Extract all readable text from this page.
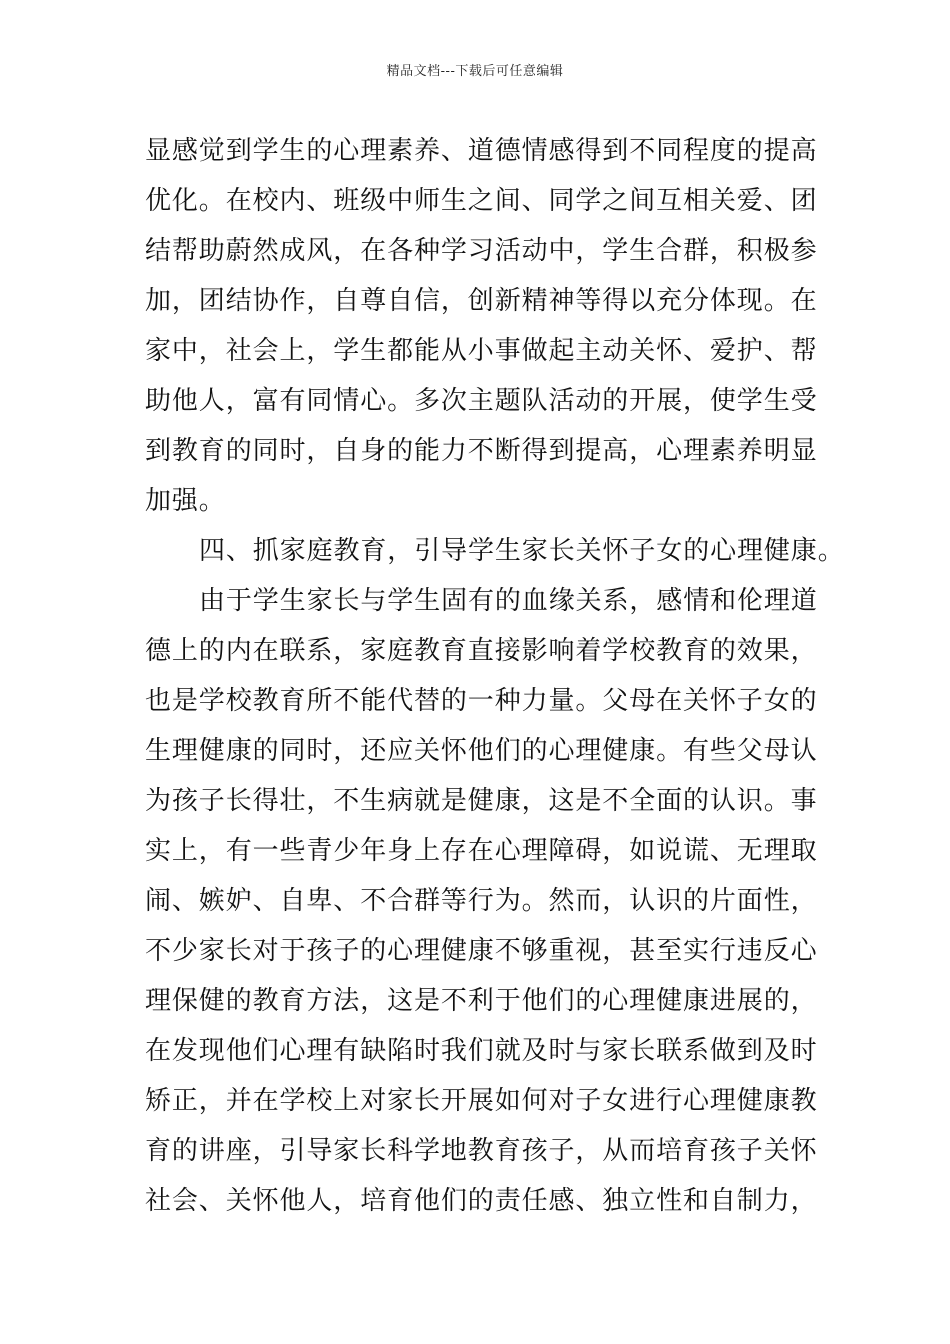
精品文档---下载后可任意编辑
显感觉到学生的心理素养、道德情感得到不同程度的提高
优化。在校内、班级中师生之间、同学之间互相关爱、团
结帮助蔚然成风，在各种学习活动中，学生合群，积极参
加，团结协作，自尊自信，创新精神等得以充分体现。在
家中，社会上，学生都能从小事做起主动关怀、爱护、帮
助他人，富有同情心。多次主题队活动的开展，使学生受
到教育的同时，自身的能力不断得到提高，心理素养明显
加强。
四、抓家庭教育，引导学生家长关怀子女的心理健康。
由于学生家长与学生固有的血缘关系，感情和伦理道
德上的内在联系，家庭教育直接影响着学校教育的效果，
也是学校教育所不能代替的一种力量。父母在关怀子女的
生理健康的同时，还应关怀他们的心理健康。有些父母认
为孩子长得壮，不生病就是健康，这是不全面的认识。事
实上，有一些青少年身上存在心理障碍，如说谎、无理取
闹、嫉妒、自卑、不合群等行为。然而，认识的片面性，
不少家长对于孩子的心理健康不够重视，甚至实行违反心
理保健的教育方法，这是不利于他们的心理健康进展的，
在发现他们心理有缺陷时我们就及时与家长联系做到及时
矫正，并在学校上对家长开展如何对子女进行心理健康教
育的讲座，引导家长科学地教育孩子，从而培育孩子关怀
社会、关怀他人，培育他们的责任感、独立性和自制力，
